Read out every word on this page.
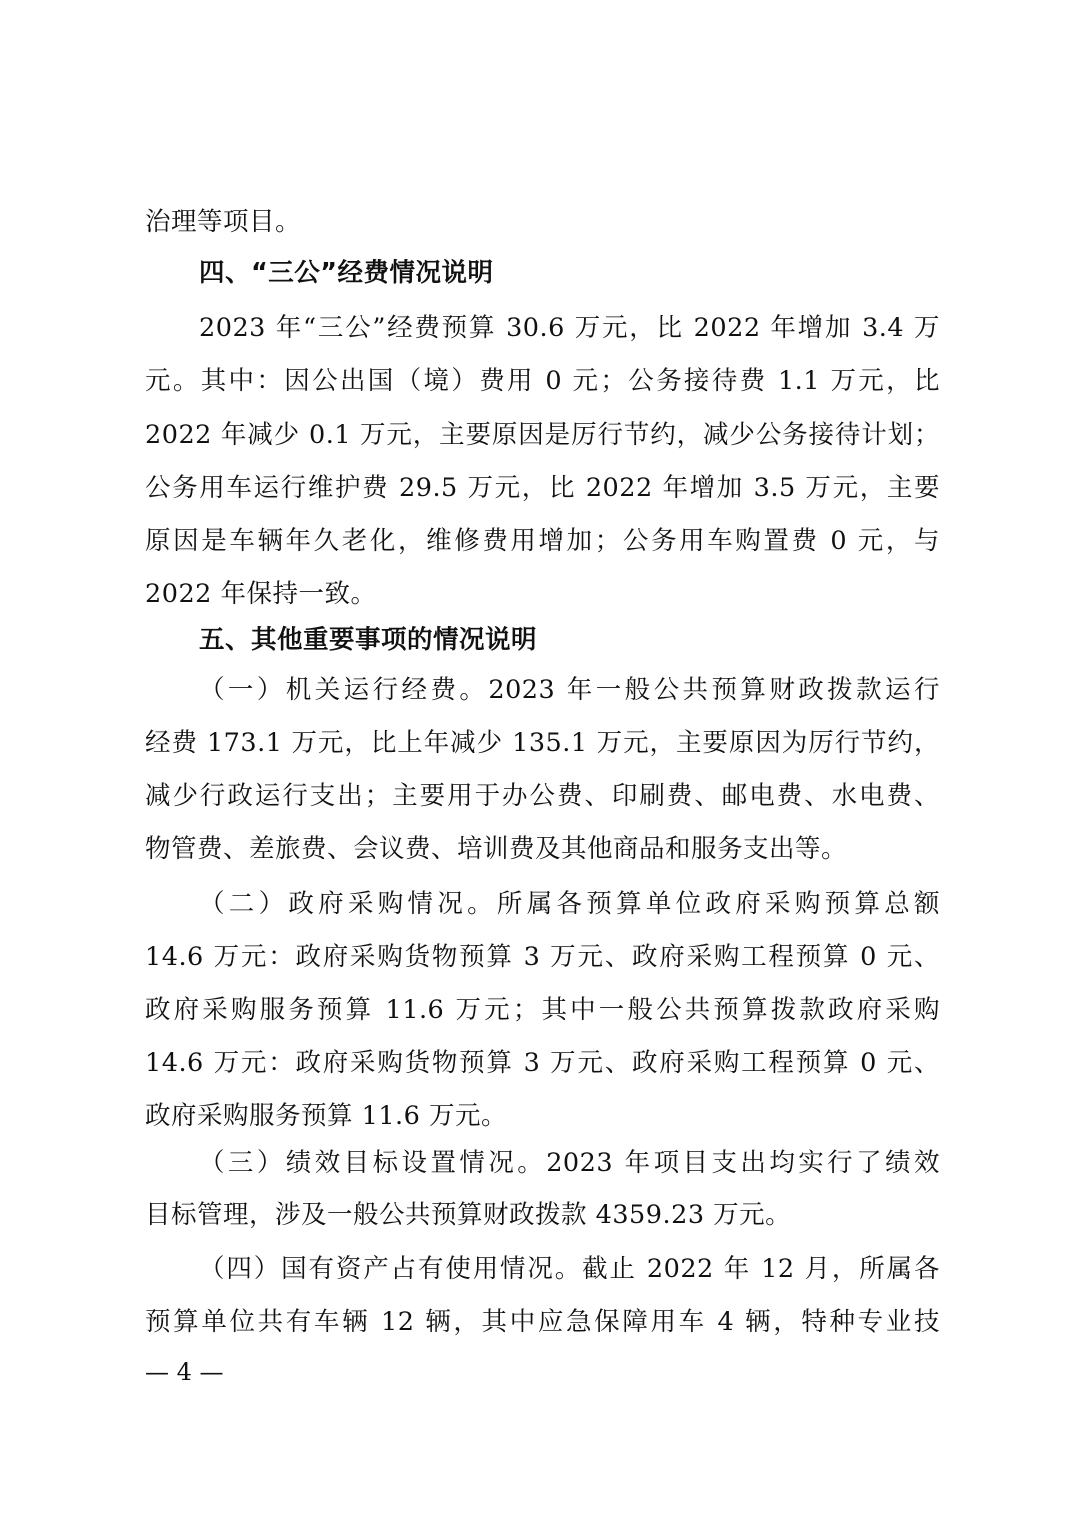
治理等项目。
四、“三公”经费情况说明
2023 年“三公”经费预算 30.6 万元，比 2022 年增加 3.4 万
元。其中：因公出国（境）费用 0 元；公务接待费 1.1 万元，比
2022 年减少 0.1 万元，主要原因是厉行节约，减少公务接待计划；
公务用车运行维护费 29.5 万元，比 2022 年增加 3.5 万元，主要
原因是车辆年久老化，维修费用增加；公务用车购置费 0 元，与
2022 年保持一致。
五、其他重要事项的情况说明
（一）机关运行经费。2023 年一般公共预算财政拨款运行
经费 173.1 万元，比上年减少 135.1 万元，主要原因为厉行节约，
减少行政运行支出；主要用于办公费、印刷费、邮电费、水电费、
物管费、差旅费、会议费、培训费及其他商品和服务支出等。
（二）政府采购情况。所属各预算单位政府采购预算总额
14.6 万元：政府采购货物预算 3 万元、政府采购工程预算 0 元、
政府采购服务预算 11.6 万元；其中一般公共预算拨款政府采购
14.6 万元：政府采购货物预算 3 万元、政府采购工程预算 0 元、
政府采购服务预算 11.6 万元。
（三）绩效目标设置情况。2023 年项目支出均实行了绩效
目标管理，涉及一般公共预算财政拨款 4359.23 万元。
（四）国有资产占有使用情况。截止 2022 年 12 月，所属各
预算单位共有车辆 12 辆，其中应急保障用车 4 辆，特种专业技
— 4 —
